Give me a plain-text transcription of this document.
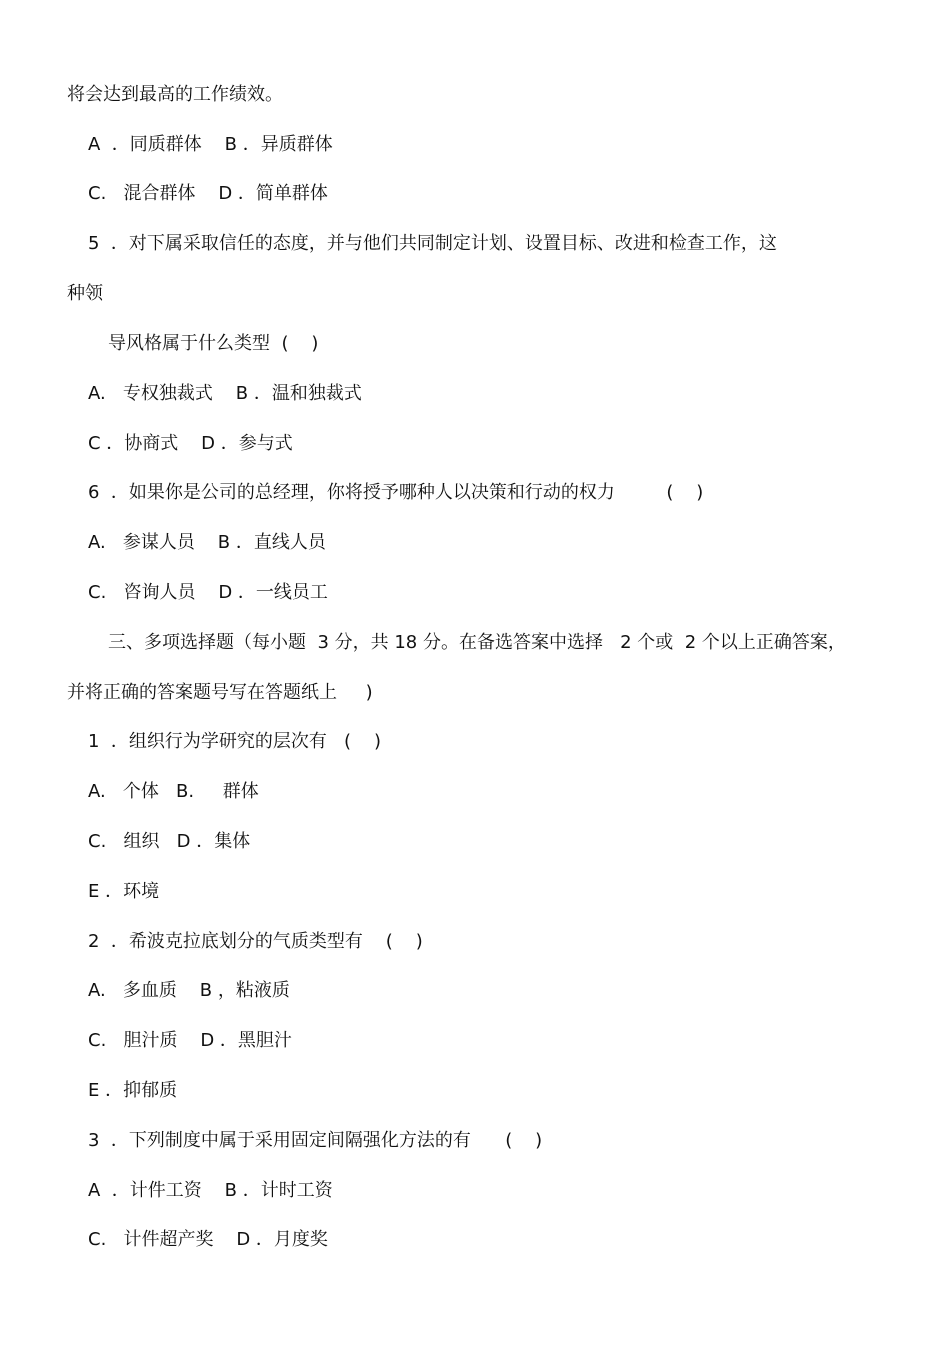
将会达到最高的工作绩效。
A  ．同质群体    B ．异质群体
C.   混合群体    D ．简单群体
5  ．对下属采取信任的态度，并与他们共同制定计划、设置目标、改进和检查工作，这
种领
导风格属于什么类型  (    )
A.   专权独裁式    B ．温和独裁式
C ．协商式    D ．参与式
6  ．如果你是公司的总经理，你将授予哪种人以决策和行动的权力         (    )
A.   参谋人员    B ．直线人员
C.   咨询人员    D ．一线员工
三、多项选择题（每小题  3 分，共 18 分。在备选答案中选择   2 个或  2 个以上正确答案，
并将正确的答案题号写在答题纸上     )
1  ．组织行为学研究的层次有   (    )
A.   个体   B.     群体
C.   组织   D ．集体
E ．环境
2  ．希波克拉底划分的气质类型有    (    )
A.   多血质    B ，粘液质
C.   胆汁质    D ．黑胆汁
E ．抑郁质
3  ．下列制度中属于采用固定间隔强化方法的有      (    )
A  ．计件工资    B ．计时工资
C.   计件超产奖    D ．月度奖
